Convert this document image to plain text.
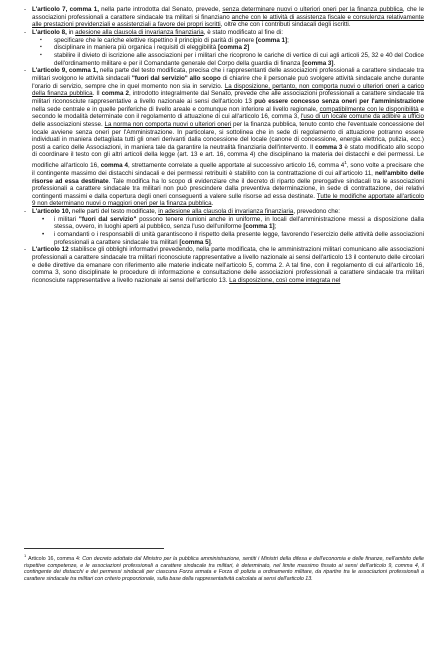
- L'articolo 7, comma 1, nella parte introdotta dal Senato, prevede, senza determinare nuovi o ulteriori oneri per la finanza pubblica, che le associazioni professionali a carattere sindacale tra militari si finanziano anche con le attività di assistenza fiscale e consulenza relativamente alle prestazioni previdenziali e assistenziali a favore dei propri iscritti, oltre che con i contributi sindacali degli iscritti.

- L'articolo 8, in adesione alla clausola di invarianza finanziaria, è stato modificato al fine di:

▪ specificare che le cariche elettive rispettino il principio di parità di genere [comma 1];

▪ disciplinare in maniera più organica i requisiti di eleggibilità [comma 2]

▪ stabilire il divieto di iscrizione alle associazioni per i militari che ricoprono le cariche di vertice di cui agli articoli 25, 32 e 40 del Codice dell'ordinamento militare e per il Comandante generale del Corpo della guardia di finanza [comma 3].

- L'articolo 9, comma 1, nella parte del testo modificata, precisa che i rappresentanti delle associazioni professionali a carattere sindacale tra militari svolgono le attività sindacali "fuori dal servizio" allo scopo di chiarire che il personale può svolgere attività sindacale anche durante l'orario di servizio, sempre che in quel momento non sia in servizio. La disposizione, pertanto, non comporta nuovi o ulteriori oneri a carico della finanza pubblica. Il comma 2, introdotto integralmente dal Senato, prevede che alle associazioni professionali a carattere sindacale tra militari riconosciute rappresentative a livello nazionale ai sensi dell'articolo 13 può essere concesso senza oneri per l'amministrazione nella sede centrale e in quelle periferiche di livello areale e comunque non inferiore al livello regionale, compatibilmente con le disponibilità e secondo le modalità determinate con il regolamento di attuazione di cui all'articolo 16, comma 3, l'uso di un locale comune da adibire a ufficio delle associazioni stesse. La norma non comporta nuovi o ulteriori oneri per la finanza pubblica, tenuto conto che l'eventuale concessione del locale avviene senza oneri per l'Amministrazione. In particolare, si sottolinea che in sede di regolamento di attuazione potranno essere individuati in maniera dettagliata tutti gli oneri derivanti dalla concessione del locale (canone di concessione, energia elettrica, pulizia, ecc.) posti a carico delle Associazioni, in maniera tale da garantire la neutralità finanziaria dell'intervento. Il comma 3 è stato modificato allo scopo di coordinare il testo con gli altri articoli della legge (art. 13 e art. 16, comma 4) che disciplinano la materia dei distacchi e dei permessi. Le modifiche all'articolo 16, comma 4, strettamente correlate a quelle apportate al successivo articolo 16, comma $4^1$, sono volte a precisare che il contingente massimo dei distacchi sindacali e dei permessi retribuiti è stabilito con la contrattazione di cui all'articolo 11, nell'ambito delle risorse ad essa destinate. Tale modifica ha lo scopo di evidenziare che il decreto di riparto delle prerogative sindacali tra le associazioni professionali a carattere sindacale tra militari non può prescindere dalla preventiva determinazione, in sede di contrattazione, dei relativi contingenti massimi e dalla copertura degli oneri conseguenti a valere sulle risorse ad essa destinate. Tutte le modifiche apportate all'articolo 9 non determinano nuovi o maggiori oneri per la finanza pubblica.

- L'articolo 10, nelle parti del testo modificate, in adesione alla clausola di invarianza finanziaria, prevedono che:

• i militari "fuori dal servizio" possono tenere riunioni anche in uniforme, in locali dell'amministrazione messi a disposizione dalla stessa, ovvero, in luoghi aperti al pubblico, senza l'uso dell'uniforme [comma 1];

• i comandanti o i responsabili di unità garantiscono il rispetto della presente legge, favorendo l'esercizio delle attività delle associazioni professionali a carattere sindacale tra militari [comma 5].

- L'articolo 12 stabilisce gli obblighi informativi prevedendo, nella parte modificata, che le amministrazioni militari comunicano alle associazioni professionali a carattere sindacale tra militari riconosciute rappresentative a livello nazionale ai sensi dell'articolo 13 il contenuto delle circolari e delle direttive da emanare con riferimento alle materie indicate nell'articolo 5, comma 2. A tal fine, con il regolamento di cui all'articolo 16, comma 3, sono disciplinate le procedure di informazione e consultazione delle associazioni professionali a carattere sindacale tra militari riconosciute rappresentative a livello nazionale ai sensi dell'articolo 13. La disposizione, così come integrata nel

$^1$ Articolo 16, comma 4: Con decreto adottato dal Ministro per la pubblica amministrazione, sentiti i Ministri della difesa e dell'economia e delle finanze, nell'ambito delle rispettive competenze, e le associazioni professionali a carattere sindacale tra militari, è determinato, nel limite massimo fissato ai sensi dell'articolo 9, comma 4, il contingente dei distacchi e dei permessi sindacali per ciascuna Forza armata e Forza di polizia a ordinamento militare, da ripartire tra le associazioni professionali a carattere sindacale tra militari con criterio proporzionale, sulla base della rappresentatività calcolata ai sensi dell'articolo 13.
